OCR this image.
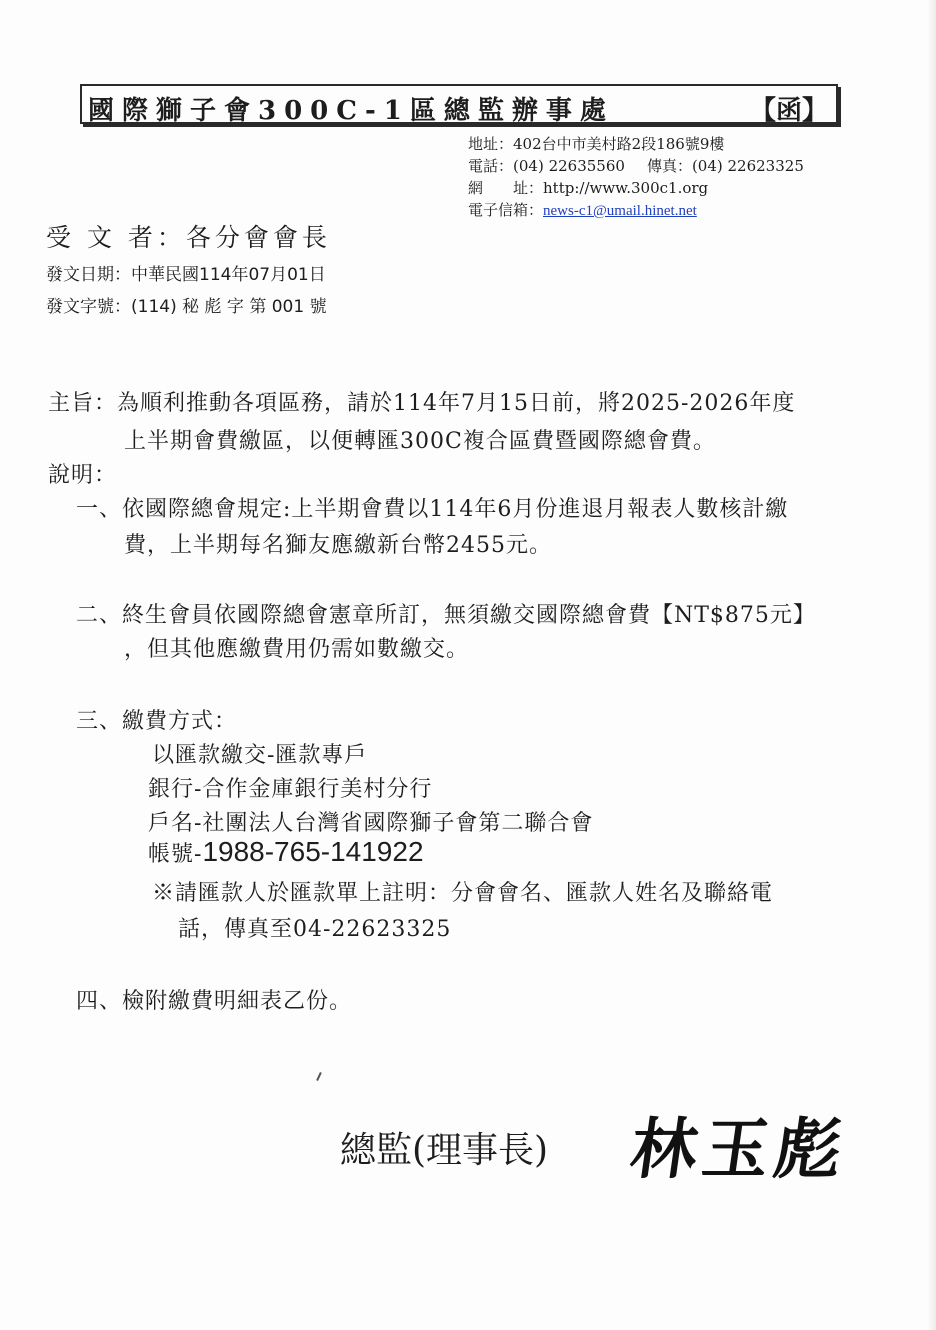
國際獅子會300C-1區總監辦事處	【函】
地址：402台中市美村路2段186號9樓
電話：(04) 22635560 傳真：(04) 22623325
網　　址：http://www.300c1.org
電子信箱：news-c1@umail.hinet.net
受 文 者：各分會會長
發文日期：中華民國114年07月01日
發文字號：(114) 秘 彪 字 第 001 號
主旨：為順利推動各項區務，請於114年7月15日前，將2025-2026年度
上半期會費繳區，以便轉匯300C複合區費暨國際總會費。
說明：
一、依國際總會規定:上半期會費以114年6月份進退月報表人數核計繳
費，上半期每名獅友應繳新台幣2455元。
二、終生會員依國際總會憲章所訂，無須繳交國際總會費【NT$875元】
，但其他應繳費用仍需如數繳交。
三、繳費方式：
以匯款繳交-匯款專戶
銀行-合作金庫銀行美村分行
戶名-社團法人台灣省國際獅子會第二聯合會
帳號-1988-765-141922
※請匯款人於匯款單上註明：分會會名、匯款人姓名及聯絡電
話，傳真至04-22623325
四、檢附繳費明細表乙份。
總監(理事長) 林玉彪
